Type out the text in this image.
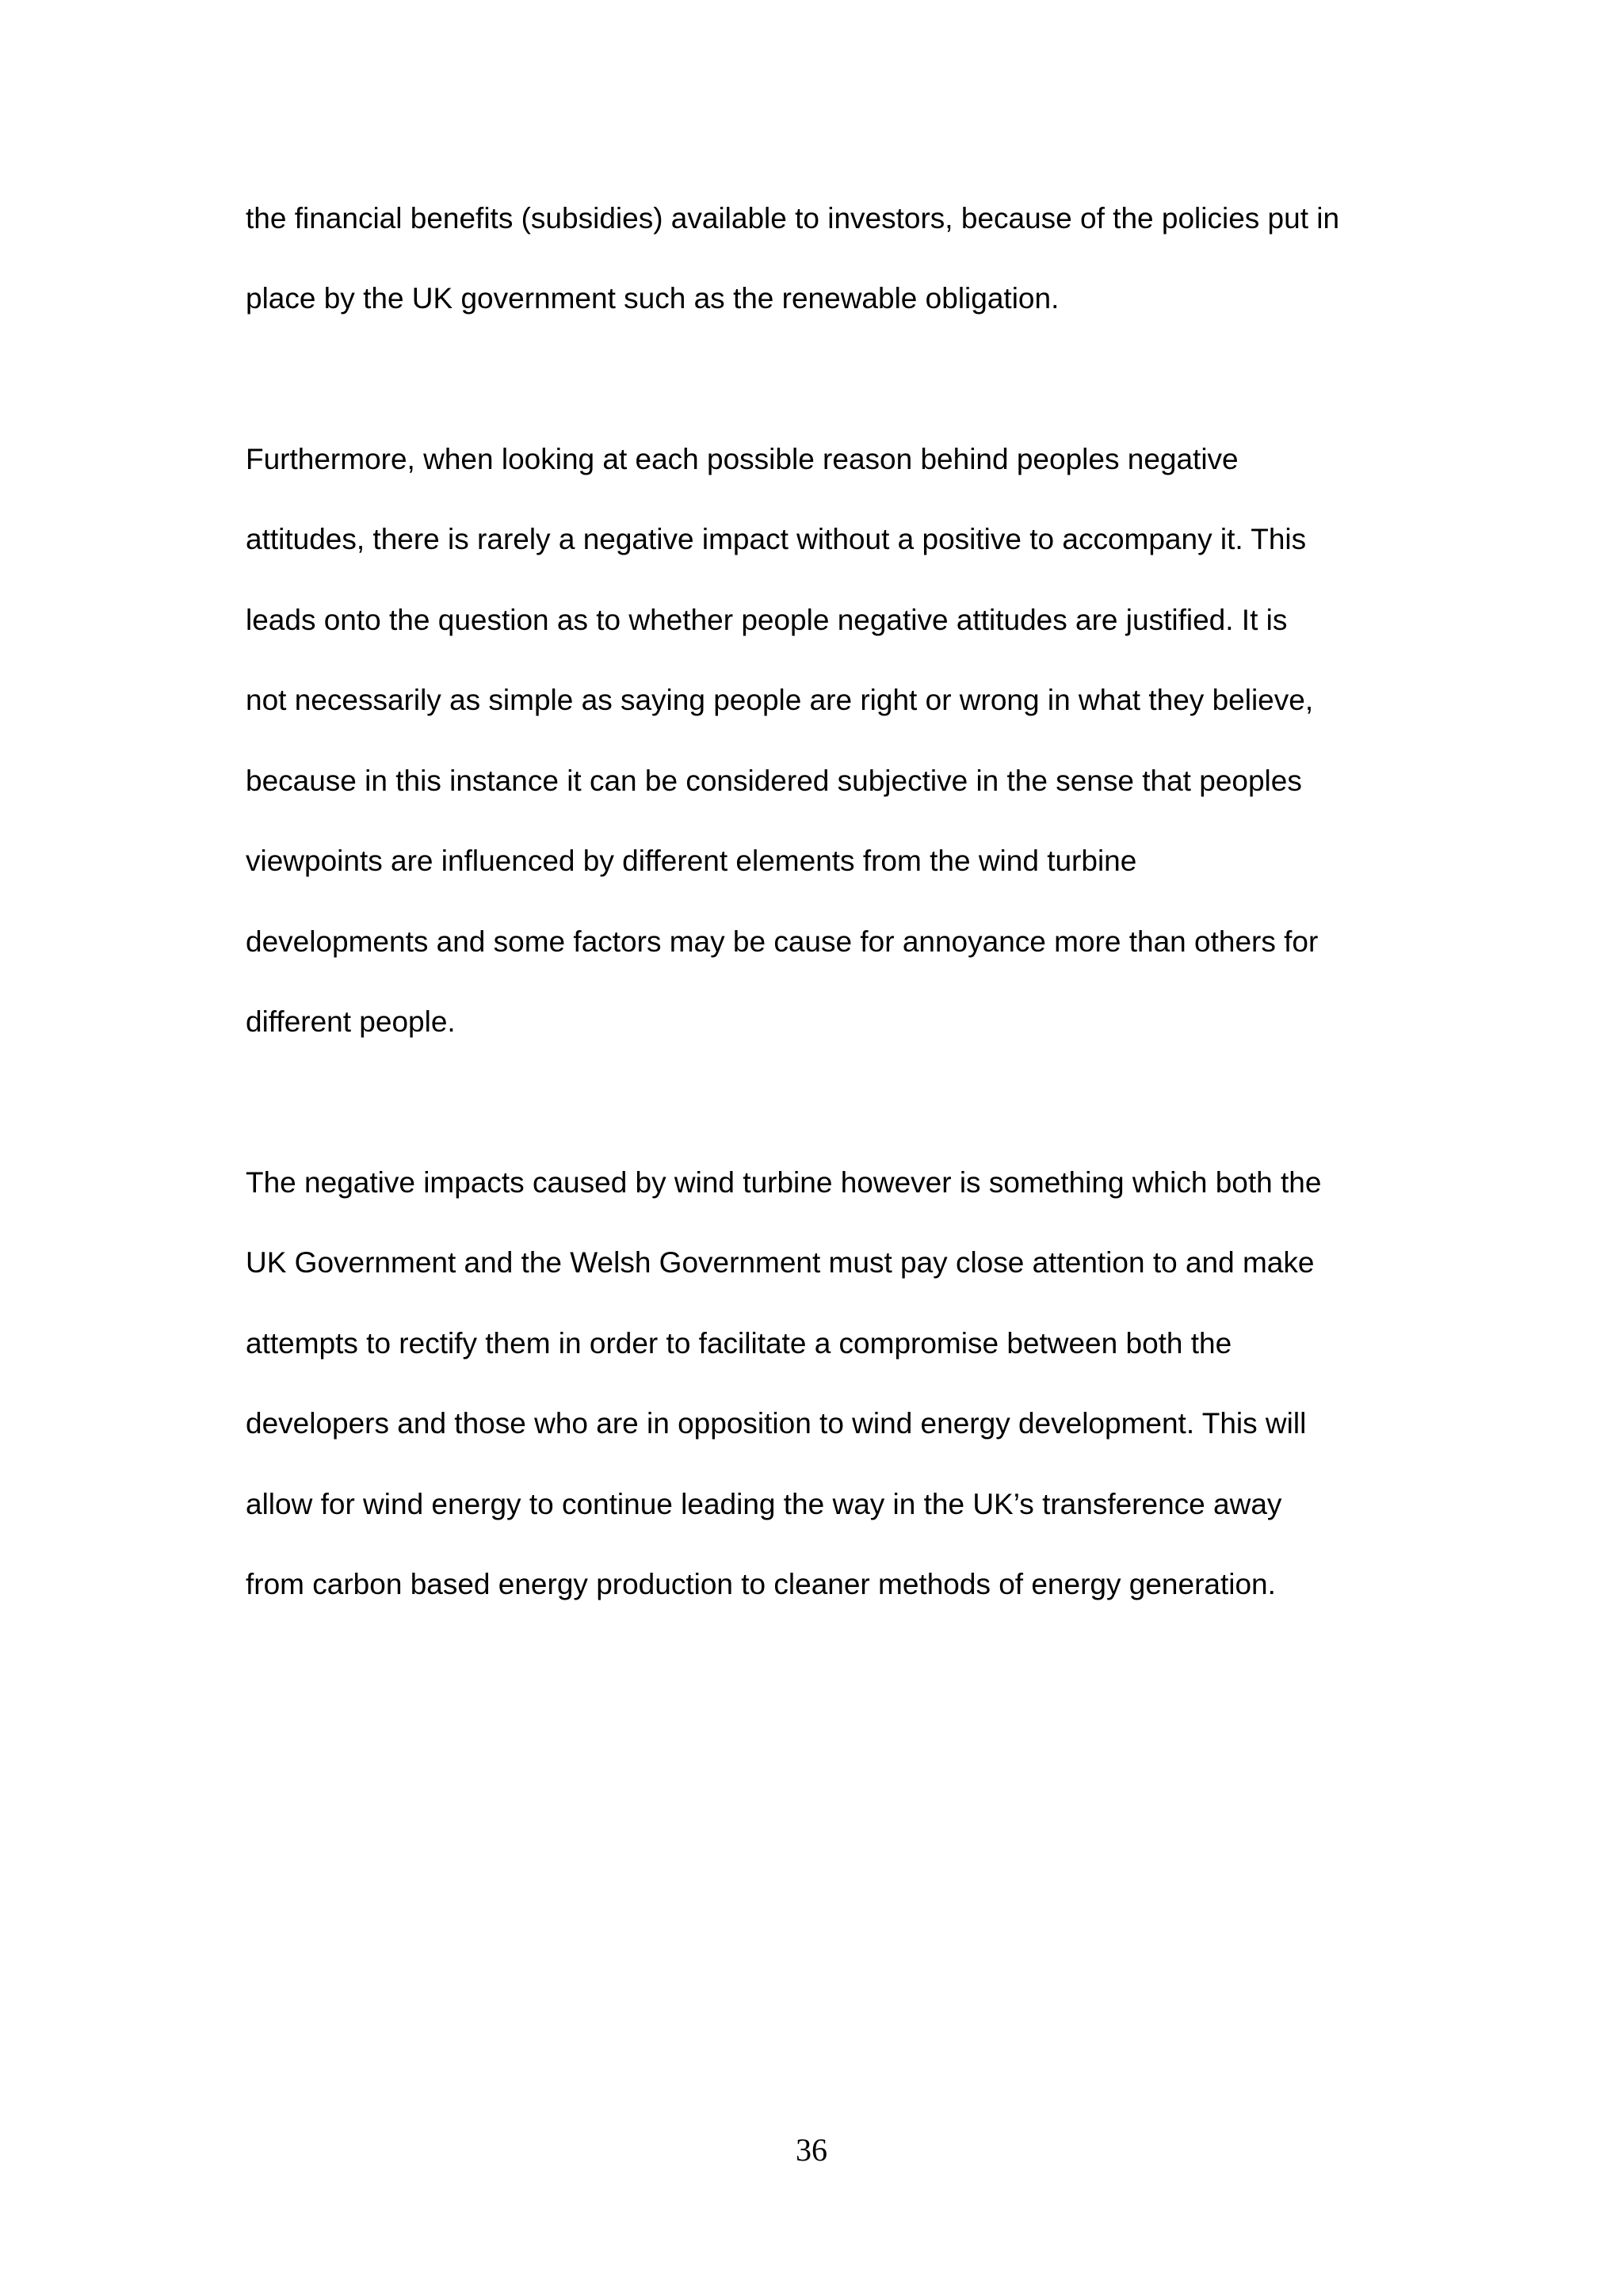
the financial benefits (subsidies) available to investors, because of the policies put in
place by the UK government such as the renewable obligation.
Furthermore, when looking at each possible reason behind peoples negative
attitudes, there is rarely a negative impact without a positive to accompany it. This
leads onto the question as to whether people negative attitudes are justified. It is
not necessarily as simple as saying people are right or wrong in what they believe,
because in this instance it can be considered subjective in the sense that peoples
viewpoints are influenced by different elements from the wind turbine
developments and some factors may be cause for annoyance more than others for
different people.
The negative impacts caused by wind turbine however is something which both the
UK Government and the Welsh Government must pay close attention to and make
attempts to rectify them in order to facilitate a compromise between both the
developers and those who are in opposition to wind energy development. This will
allow for wind energy to continue leading the way in the UK’s transference away
from carbon based energy production to cleaner methods of energy generation.
36
